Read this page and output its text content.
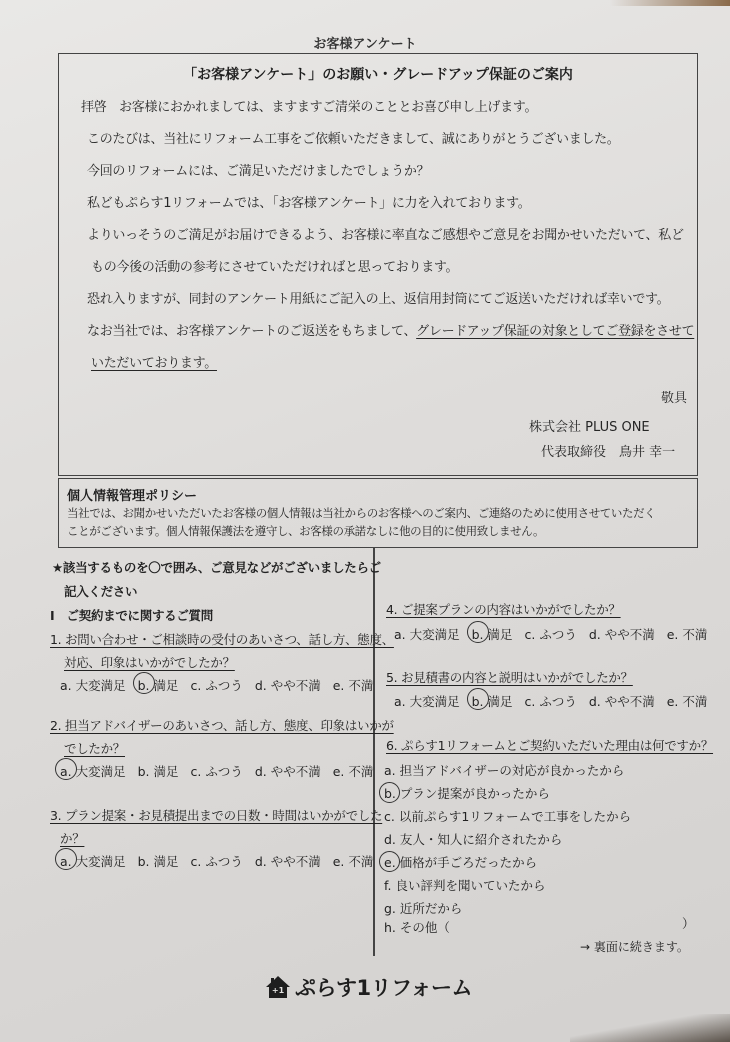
お客様アンケート
「お客様アンケート」のお願い・グレードアップ保証のご案内
拝啓　お客様におかれましては、ますますご清栄のこととお喜び申し上げます。
このたびは、当社にリフォーム工事をご依頼いただきまして、誠にありがとうございました。
今回のリフォームには、ご満足いただけましたでしょうか？
私どもぷらす1リフォームでは、「お客様アンケート」に力を入れております。
よりいっそうのご満足がお届けできるよう、お客様に率直なご感想やご意見をお聞かせいただいて、私ど
もの今後の活動の参考にさせていただければと思っております。
恐れ入りますが、同封のアンケート用紙にご記入の上、返信用封筒にてご返送いただければ幸いです。
なお当社では、お客様アンケートのご返送をもちまして、グレードアップ保証の対象としてご登録をさせて
いただいております。
敬具
株式会社 PLUS ONE
代表取締役　鳥井 幸一
個人情報管理ポリシー
当社では、お聞かせいただいたお客様の個人情報は当社からのお客様へのご案内、ご連絡のために使用させていただく
ことがございます。個人情報保護法を遵守し、お客様の承諾なしに他の目的に使用致しません。
★該当するものを〇で囲み、ご意見などがございましたらご
記入ください
Ⅰ　ご契約までに関するご質問
1. お問い合わせ・ご相談時の受付のあいさつ、話し方、態度、
対応、印象はいかがでしたか？
a. 大変満足 b. 満足 c. ふつう d. やや不満 e. 不満
2. 担当アドバイザーのあいさつ、話し方、態度、印象はいかが
でしたか？
a. 大変満足 b. 満足 c. ふつう d. やや不満 e. 不満
3. プラン提案・お見積提出までの日数・時間はいかがでした
か？
a. 大変満足 b. 満足 c. ふつう d. やや不満 e. 不満
4. ご提案プランの内容はいかがでしたか？
a. 大変満足 b. 満足 c. ふつう d. やや不満 e. 不満
5. お見積書の内容と説明はいかがでしたか？
a. 大変満足 b. 満足 c. ふつう d. やや不満 e. 不満
6. ぷらす1リフォームとご契約いただいた理由は何ですか？
a. 担当アドバイザーの対応が良かったから
b. プラン提案が良かったから
c. 以前ぷらす1リフォームで工事をしたから
d. 友人・知人に紹介されたから
e. 価格が手ごろだったから
f. 良い評判を聞いていたから
g. 近所だから
h. その他（	）
→ 裏面に続きます。
+1 ぷらす1リフォーム
